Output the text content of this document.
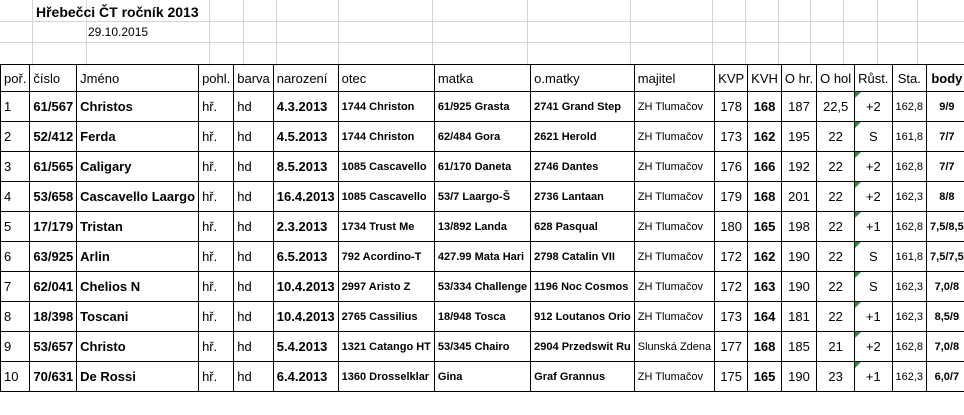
Hřebečci ČT ročník 2013
29.10.2015
poř.	číslo	Jméno	pohl.	barva	narození	otec	matka	o.matky	majitel	KVP	KVH	O hr.	O hol	Růst.	Sta.	body
1	61/567	Christos	hř.	hd	4.3.2013	1744 Christon	61/925 Grasta	2741 Grand Step	ZH Tlumačov	178	168	187	22,5	+2	162,8	9/9
2	52/412	Ferda	hř.	hd	4.5.2013	1744 Christon	62/484 Gora	2621 Herold	ZH Tlumačov	173	162	195	22	S	161,8	7/7
3	61/565	Caligary	hř.	hd	8.5.2013	1085 Cascavello	61/170 Daneta	2746 Dantes	ZH Tlumačov	176	166	192	22	+2	162,8	7/7
4	53/658	Cascavello Laargo	hř.	hd	16.4.2013	1085 Cascavello	53/7 Laargo-Š	2736 Lantaan	ZH Tlumačov	179	168	201	22	+2	162,3	8/8
5	17/179	Tristan	hř.	hd	2.3.2013	1734 Trust Me	13/892 Landa	628 Pasqual	ZH Tlumačov	180	165	198	22	+1	162,8	7,5/8,5
6	63/925	Arlin	hř.	hd	6.5.2013	792 Acordino-T	427.99 Mata Hari	2798 Catalin VII	ZH Tlumačov	172	162	190	22	S	161,8	7,5/7,5
7	62/041	Chelios N	hř.	hd	10.4.2013	2997 Aristo Z	53/334 Challenge	1196 Noc Cosmos	ZH Tlumačov	172	163	190	22	S	162,3	7,0/8
8	18/398	Toscani	hř.	hd	10.4.2013	2765 Cassilius	18/948 Tosca	912 Loutanos Orio	ZH Tlumačov	173	164	181	22	+1	162,3	8,5/9
9	53/657	Christo	hř.	hd	5.4.2013	1321 Catango HT	53/345 Chairo	2904 Przedswit Ru	Slunská Zdena	177	168	185	21	+2	162,8	7,0/8
10	70/631	De Rossi	hř.	hd	6.4.2013	1360 Drosselklar	Gina	Graf Grannus	ZH Tlumačov	175	165	190	23	+1	162,3	6,0/7
